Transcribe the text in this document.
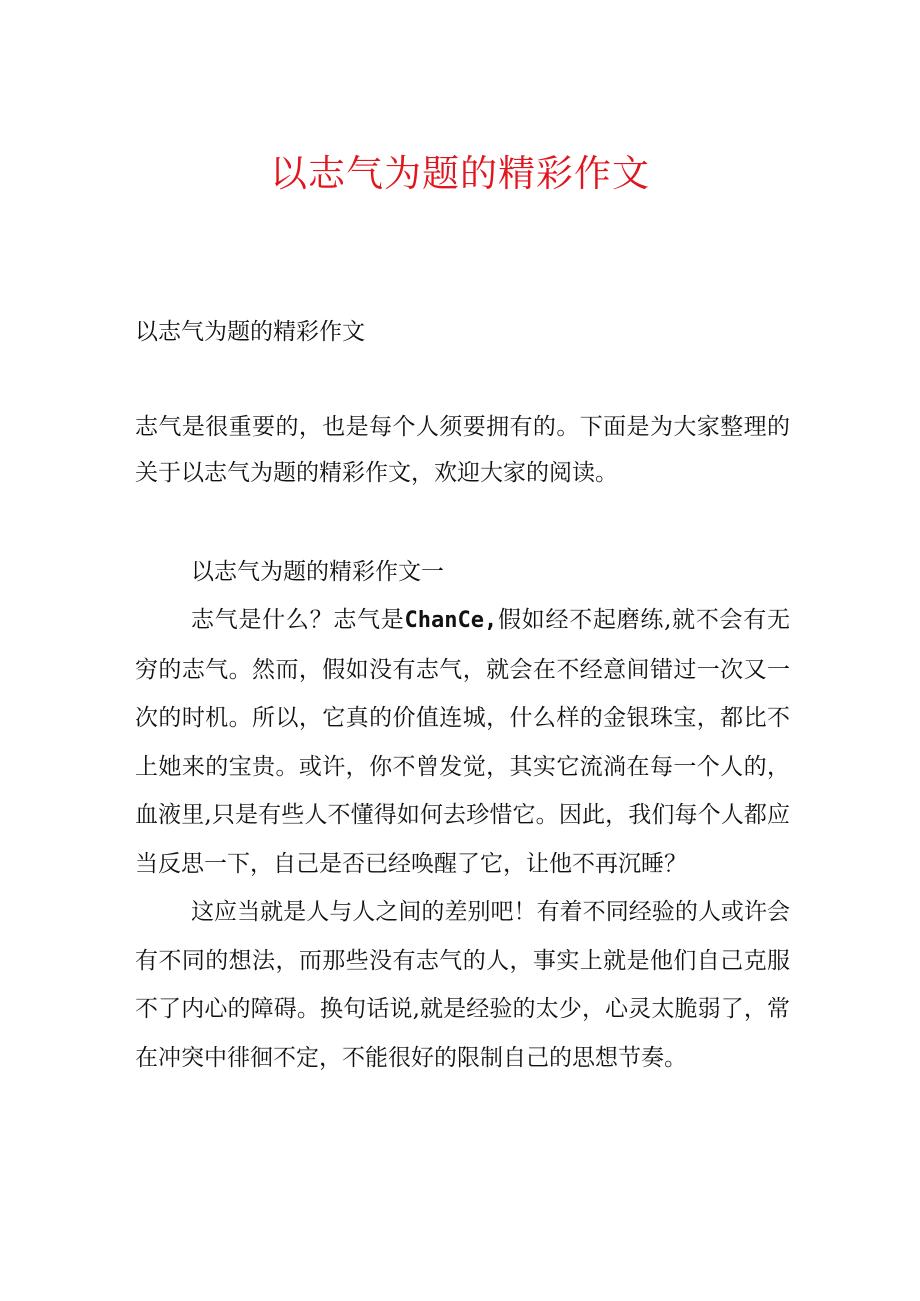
以志气为题的精彩作文
以志气为题的精彩作文

志气是很重要的，也是每个人须要拥有的。下面是为大家整理的关于以志气为题的精彩作文，欢迎大家的阅读。

以志气为题的精彩作文一

志气是什么？志气是ChanCe,假如经不起磨练,就不会有无穷的志气。然而，假如没有志气，就会在不经意间错过一次又一次的时机。所以，它真的价值连城，什么样的金银珠宝，都比不上她来的宝贵。或许，你不曾发觉，其实它流淌在每一个人的，血液里,只是有些人不懂得如何去珍惜它。因此，我们每个人都应当反思一下，自己是否已经唤醒了它，让他不再沉睡？

这应当就是人与人之间的差别吧！有着不同经验的人或许会有不同的想法，而那些没有志气的人，事实上就是他们自己克服不了内心的障碍。换句话说,就是经验的太少，心灵太脆弱了，常在冲突中徘徊不定，不能很好的限制自己的思想节奏。
